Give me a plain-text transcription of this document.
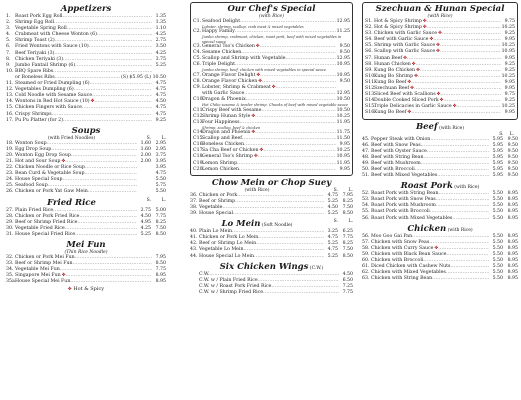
Appetizers
1. Roast Pork Egg Roll .....	1.35
2. Shrimp Egg Roll .....	1.35
3. Vegetable Spring Roll .....	1.10
4. Crabmeat with Cheese Wonton (6) .....	4.25
5. Shrimp Toast (2) .....	2.75
6. Fried Wontons with Sauce (10) .....	3.50
7. Beef Teriyaki (3) .....	4.25
8. Chicken Teriyaki (3) .....	3.75
9. Jumbo Fantail Shrimp (6) .....	5.25
10. BBQ Spare Ribs
.....
or Boneless Ribs .....	(S) $5.95 (L) 10.50
11. Steamed or Fried Dumpling (6) .....	4.75
12. Vegetables Dumpling (6) .....	4.75
13. Cold Noodle with Sesame Sauce .....	4.75
14. Wontons in Red Hot Sauce (10) ✤ .....	4.50
15. Chicken Fingers with Sauce .....	4.75
16. Crispy Shrimps .....	4.75
17. Pu Pu Platter (for 2) .....	9.25
Soups
(with Fried Noodles)	S.	L.
18. Wonton Soup .....	1.60 2.95
19. Egg Drop Soup .....	1.60 2.95
20. Wonton Egg Drop Soup .....	2.00 3.75
21. Hot and Sour Soup ✤ .....	2.00 3.95
22. Chicken Noodle or Rice Soup .....	3.95
23. Bean Curd & Vegetable Soup .....	4.75
24. House Special Soup .....	5.50
25. Seafood Soup .....	5.75
26. Chicken or Pork Yat Gaw Mein .....	5.50
Fried Rice	S.	L.
27. Plain Fried Rice .....	2.75 5.00
28. Chicken or Pork Fried Rice .....	4.50 7.75
29. Beef or Shrimp Fried Rice .....	4.95 8.25
30. Vegetable Fried Rice .....	4.25 7.50
31. House Special Fried Rice .....	5.25 8.50
Mei Fun
(Thin Rice Noodle)
32. Chicken or Pork Mei Fun .....	7.95
33. Beef or Shrimp Mei Fun .....	8.50
34. Vegetable Mei Fun .....	7.75
35. Singapore Mei Fun ✤ .....	8.95
35a.
House Special Mei Fun .....	8.95
✤ Hot & Spicy
Our Chef's Special
(with Rice)
C1. Seafood Delight .....	12.95
Lobster, shrimp, scallop, crab meat & mixed vegetables
C2. Happy Family .....	11.25
Jumbo shrimp, crabmeat, chicken, roast pork, beef with mixed vegetables in special sauce
C3. General Tso's Chicken ✤ .....	9.50
C4. Sesame Chicken .....	9.50
C5. Scallop and Shrimp with Vegetable .....	12.95
C6. Triple Delight .....	10.95
Jumbo shrimp, beef, chicken with mixed vegetables in special sauce
C7. Orange Flavor Delight ✤ .....	10.95
C8. Orange Flavor Chicken ✤ .....	9.50
C9. Lobster, Shrimp & Crabmeat ✤
.....
with Garlic Sauce .....	12.95
C10.
Dragon & Phoenix .....	10.50
Hot Chilie sesame & tender shrimp. Chunks of beef with mixed vegetable sauce
C11.
Crispy Beef with Sesame .....	10.50
C12.
Shrimp Hunan Style ✤ .....	10.25
C13.
Four Happiness .....	11.95
Shrimp, scallop, beef & chicken
C14.
Dragon and Phoenix ✤ .....	11.75
C15.
Scallop and Beef .....	11.50
C16.
Boneless Chicken .....	9.95
C17.
Sa Cha Beef or Chicken ✤ .....	10.25
C18.
General Tso's Shrimp ✤ .....	10.95
C19.
Lemon Shrimp .....	11.95
C20.
Lemon Chicken .....	9.95
Chow Mein or Chop Suey
(with Rice)	S.	L.
36. Chicken or Pork .....	4.75 7.95
37. Beef or Shrimp .....	5.25 8.25
38. Vegetable .....	4.50 7.50
39. House Special .....	5.25 8.50
Lo Mein (Soft Noodle)
S.	L.
40. Plain Lo Mein .....	3.25 6.25
41. Chicken or Pork Lo Mein .....	4.75 7.75
42. Beef or Shrimp Lo Mein .....	5.25 8.25
43. Vegetable Lo Mein .....	4.75 7.50
44. House Special Lo Mein .....	5.25 8.50
Six Chicken Wings (C.W.)
C.W. .....	4.50
C.W. w / Plain Fried Rice .....	6.50
C.W. w / Roast Pork Fried Rice .....	7.25
C.W. w / Shrimp Fried Rice .....	7.75
Szechuan & Hunan Special
(with Rice)
S1. Hot & Spicy Shrimp ✤ .....	9.75
S2. Hot & Spicy Shrimp ✤ .....	10.25
S3. Chicken with Garlic Sauce ✤ .....	9.25
S4. Beef with Garlic Sauce ✤ .....	9.95
S5. Shrimp with Garlic Sauce ✤ .....	10.25
S6. Scallop with Garlic Sauce ✤ .....	10.95
S7. Hunan Beef ✤ .....	9.95
S8. Hunan Chicken ✤ .....	9.25
S9. Kung Bo Chicken ✤ .....	9.25
S10.
Kung Bo Shrimp ✤ .....	10.25
S11.
Kung Bo Beef ✤ .....	9.95
S12.
Szechuan Beef ✤ .....	9.95
S13.
Sliced Beef with Scallions ✤ .....	9.75
S14.
Double Cooked Sliced Pork ✤ .....	9.25
S15.
Triple Delicacies in Garlic Sauce ✤ .....	10.25
S16.
Kung Bo Beef ✤ .....	9.95
Beef (with Rice)
S. L.
45. Pepper Steak with Onion .....	5.95 9.50
46. Beef with Snow Peas .....	5.95 9.50
47. Beef with Oyster Sauce .....	5.95 9.50
48. Beef with String Bean .....	5.95 9.50
49. Beef with Mushroom .....	5.95 9.50
50. Beef with Broccoli .....	5.95 9.50
51. Beef with Mixed Vegetables .....	5.95 9.50
Roast Pork (with Rice)
52. Roast Pork with String Bean .....	5.50 8.95
53. Roast Pork with Snow Peas .....	5.50 8.95
54. Roast Pork with Mushroom .....	5.50 8.95
55. Roast Pork with Broccoli .....	5.50 8.95
56. Roast Pork with Mixed Vegetables .....	5.50 8.95
Chicken (with Rice)
56. Moo Goo Gai Pan .....	5.50 8.95
57. Chicken with Snow Peas .....	5.50 8.95
58. Chicken with Curry Sauce ✤ .....	5.50 8.95
59. Chicken with Black Bean Sauce .....	5.50 8.95
60. Chicken with Broccoli .....	5.50 8.95
61. Diced Chicken with Cashew Nuts .....	5.50 8.95
62. Chicken with Mixed Vegetables .....	5.50 8.95
63. Chicken with String Bean .....	5.50 8.95
